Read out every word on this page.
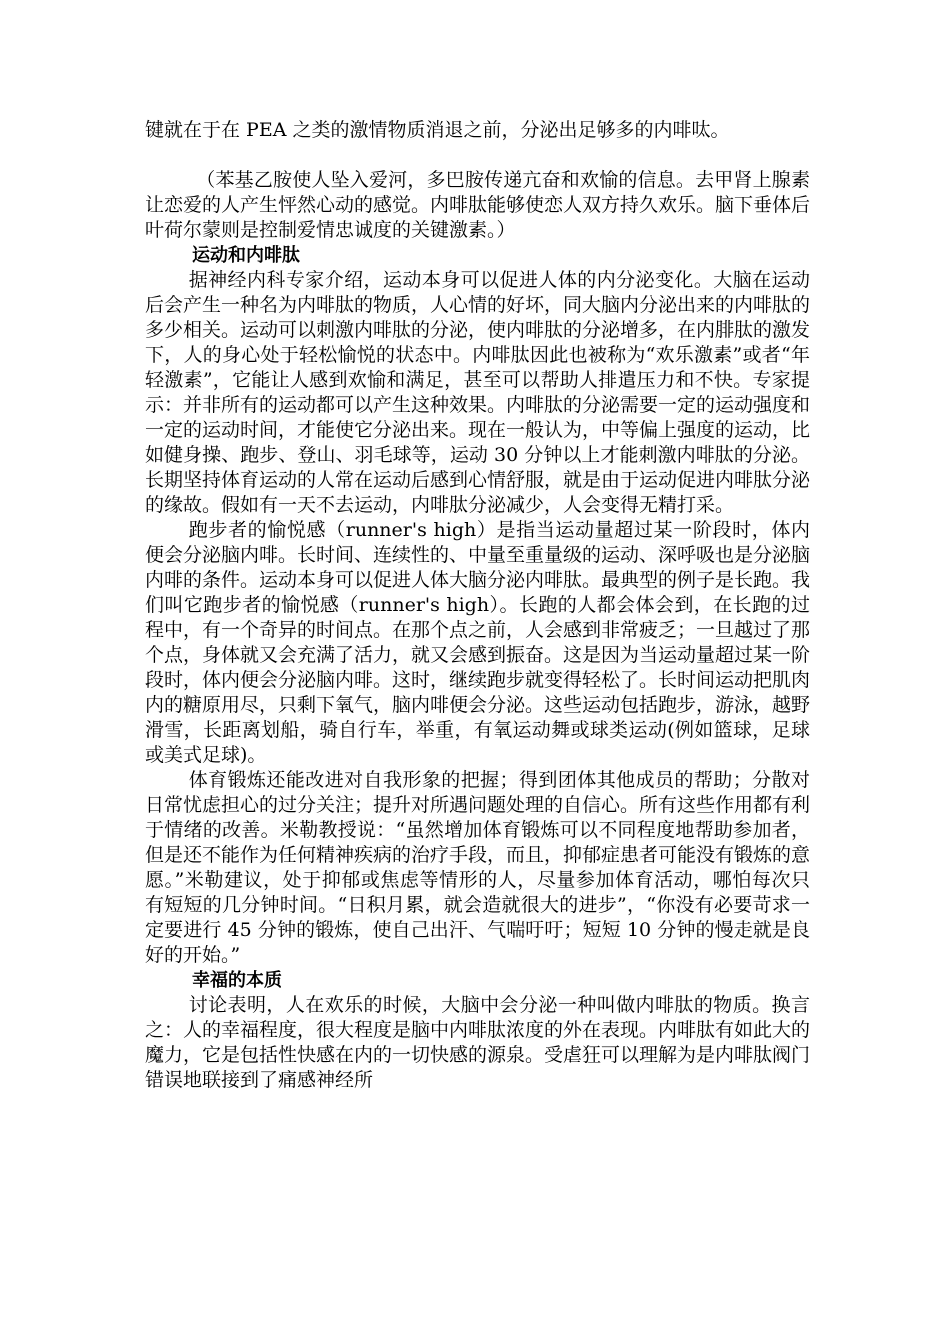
键就在于在 PEA 之类的激情物质消退之前，分泌出足够多的内啡呔。

（苯基乙胺使人坠入爱河，多巴胺传递亢奋和欢愉的信息。去甲肾上腺素让恋爱的人产生怦然心动的感觉。内啡肽能够使恋人双方持久欢乐。脑下垂体后叶荷尔蒙则是控制爱情忠诚度的关键激素。）

运动和内啡肽

据神经内科专家介绍，运动本身可以促进人体的内分泌变化。大脑在运动后会产生一种名为内啡肽的物质，人心情的好坏，同大脑内分泌出来的内啡肽的多少相关。运动可以刺激内啡肽的分泌，使内啡肽的分泌增多，在内腓肽的激发下，人的身心处于轻松愉悦的状态中。内啡肽因此也被称为“欢乐激素”或者“年轻激素”，它能让人感到欢愉和满足，甚至可以帮助人排遣压力和不快。专家提示：并非所有的运动都可以产生这种效果。内啡肽的分泌需要一定的运动强度和一定的运动时间，才能使它分泌出来。现在一般认为，中等偏上强度的运动，比如健身操、跑步、登山、羽毛球等，运动 30 分钟以上才能刺激内啡肽的分泌。长期坚持体育运动的人常在运动后感到心情舒服，就是由于运动促进内啡肽分泌的缘故。假如有一天不去运动，内啡肽分泌减少，人会变得无精打采。

跑步者的愉悦感（runner's high）是指当运动量超过某一阶段时，体内便会分泌脑内啡。长时间、连续性的、中量至重量级的运动、深呼吸也是分泌脑内啡的条件。运动本身可以促进人体大脑分泌内啡肽。最典型的例子是长跑。我们叫它跑步者的愉悦感（runner's high）。长跑的人都会体会到，在长跑的过程中，有一个奇异的时间点。在那个点之前，人会感到非常疲乏；一旦越过了那个点，身体就又会充满了活力，就又会感到振奋。这是因为当运动量超过某一阶段时，体内便会分泌脑内啡。这时，继续跑步就变得轻松了。长时间运动把肌肉内的糖原用尽，只剩下氧气，脑内啡便会分泌。这些运动包括跑步，游泳，越野滑雪，长距离划船，骑自行车，举重，有氧运动舞或球类运动(例如篮球，足球或美式足球)。

体育锻炼还能改进对自我形象的把握；得到团体其他成员的帮助；分散对日常忧虑担心的过分关注；提升对所遇问题处理的自信心。所有这些作用都有利于情绪的改善。米勒教授说：“虽然增加体育锻炼可以不同程度地帮助参加者，但是还不能作为任何精神疾病的治疗手段，而且，抑郁症患者可能没有锻炼的意愿。”米勒建议，处于抑郁或焦虑等情形的人，尽量参加体育活动，哪怕每次只有短短的几分钟时间。“日积月累，就会造就很大的进步”，“你没有必要苛求一定要进行 45 分钟的锻炼，使自己出汗、气喘吁吁；短短 10 分钟的慢走就是良好的开始。”

幸福的本质

讨论表明，人在欢乐的时候，大脑中会分泌一种叫做内啡肽的物质。换言之：人的幸福程度，很大程度是脑中内啡肽浓度的外在表现。内啡肽有如此大的魔力，它是包括性快感在内的一切快感的源泉。受虐狂可以理解为是内啡肽阀门错误地联接到了痛感神经所
